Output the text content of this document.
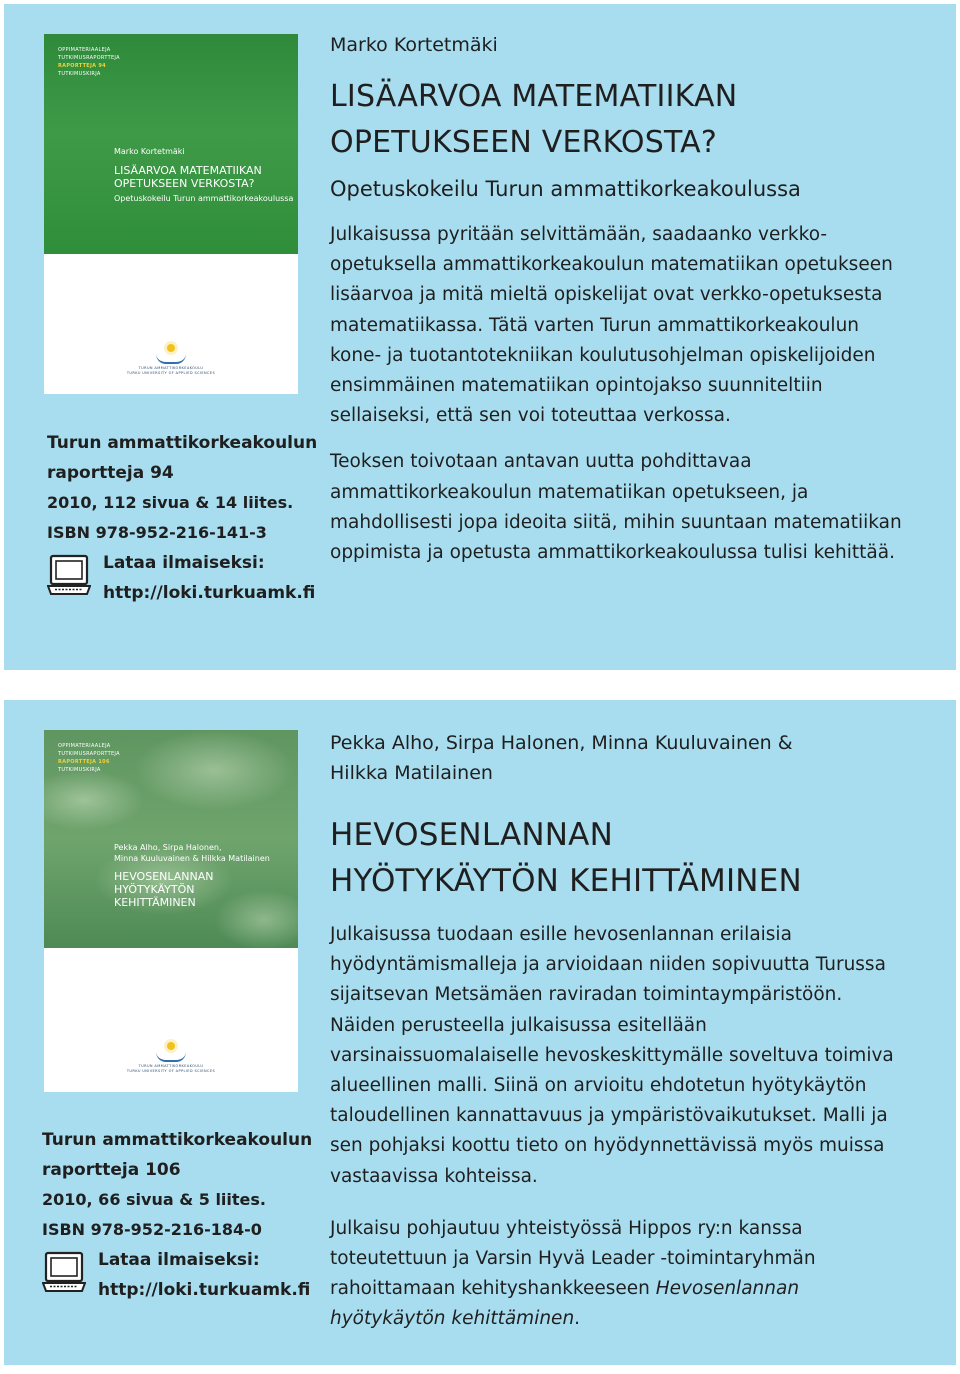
OPPIMATERIAALEJA
TUTKIMUSRAPORTTEJA
RAPORTTEJA 94
TUTKIMUSKIRJA
Marko Kortetmäki
LISÄARVOA MATEMATIIKAN OPETUKSEEN VERKOSTA?
Opetuskokeilu Turun ammattikorkeakoulussa
TURUN AMMATTIKORKEAKOULU
TURKU UNIVERSITY OF APPLIED SCIENCES
Turun ammattikorkeakoulun
raportteja 94
2010, 112 sivua & 14 liites.
ISBN 978-952-216-141-3
Lataa ilmaiseksi:
http://loki.turkuamk.fi
Marko Kortetmäki
LISÄARVOA MATEMATIIKAN
OPETUKSEEN VERKOSTA?
Opetuskokeilu Turun ammattikorkeakoulussa

Julkaisussa pyritään selvittämään, saadaanko verkko-opetuksella ammattikorkeakoulun matematiikan opetukseen lisäarvoa ja mitä mieltä opiskelijat ovat verkko-opetuksesta matematiikassa. Tätä varten Turun ammattikorkeakoulun kone- ja tuotantotekniikan koulutusohjelman opiskelijoiden ensimmäinen matematiikan opintojakso suunniteltiin sellaiseksi, että sen voi toteuttaa verkossa.

Teoksen toivotaan antavan uutta pohdittavaa ammattikorkeakoulun matematiikan opetukseen, ja mahdollisesti jopa ideoita siitä, mihin suuntaan matematiikan oppimista ja opetusta ammattikorkeakoulussa tulisi kehittää.

OPPIMATERIAALEJA
TUTKIMUSRAPORTTEJA
RAPORTTEJA 106
TUTKIMUSKIRJA
Pekka Alho, Sirpa Halonen,
Minna Kuuluvainen & Hilkka Matilainen
HEVOSENLANNAN HYÖTYKÄYTÖN KEHITTÄMINEN
TURUN AMMATTIKORKEAKOULU
TURKU UNIVERSITY OF APPLIED SCIENCES
Turun ammattikorkeakoulun
raportteja 106
2010, 66 sivua & 5 liites.
ISBN 978-952-216-184-0
Lataa ilmaiseksi:
http://loki.turkuamk.fi
Pekka Alho, Sirpa Halonen, Minna Kuuluvainen &
Hilkka Matilainen
HEVOSENLANNAN
HYÖTYKÄYTÖN KEHITTÄMINEN

Julkaisussa tuodaan esille hevosenlannan erilaisia hyödyntämismalleja ja arvioidaan niiden sopivuutta Turussa sijaitsevan Metsämäen raviradan toimintaympäristöön. Näiden perusteella julkaisussa esitellään varsinaissuomalaiselle hevoskeskittymälle soveltuva toimiva alueellinen malli. Siinä on arvioitu ehdotetun hyötykäytön taloudellinen kannattavuus ja ympäristövaikutukset. Malli ja sen pohjaksi koottu tieto on hyödynnettävissä myös muissa vastaavissa kohteissa.

Julkaisu pohjautuu yhteistyössä Hippos ry:n kanssa toteutettuun ja Varsin Hyvä Leader -toimintaryhmän rahoittamaan kehityshankkeeseen Hevosenlannan hyötykäytön kehittäminen.
